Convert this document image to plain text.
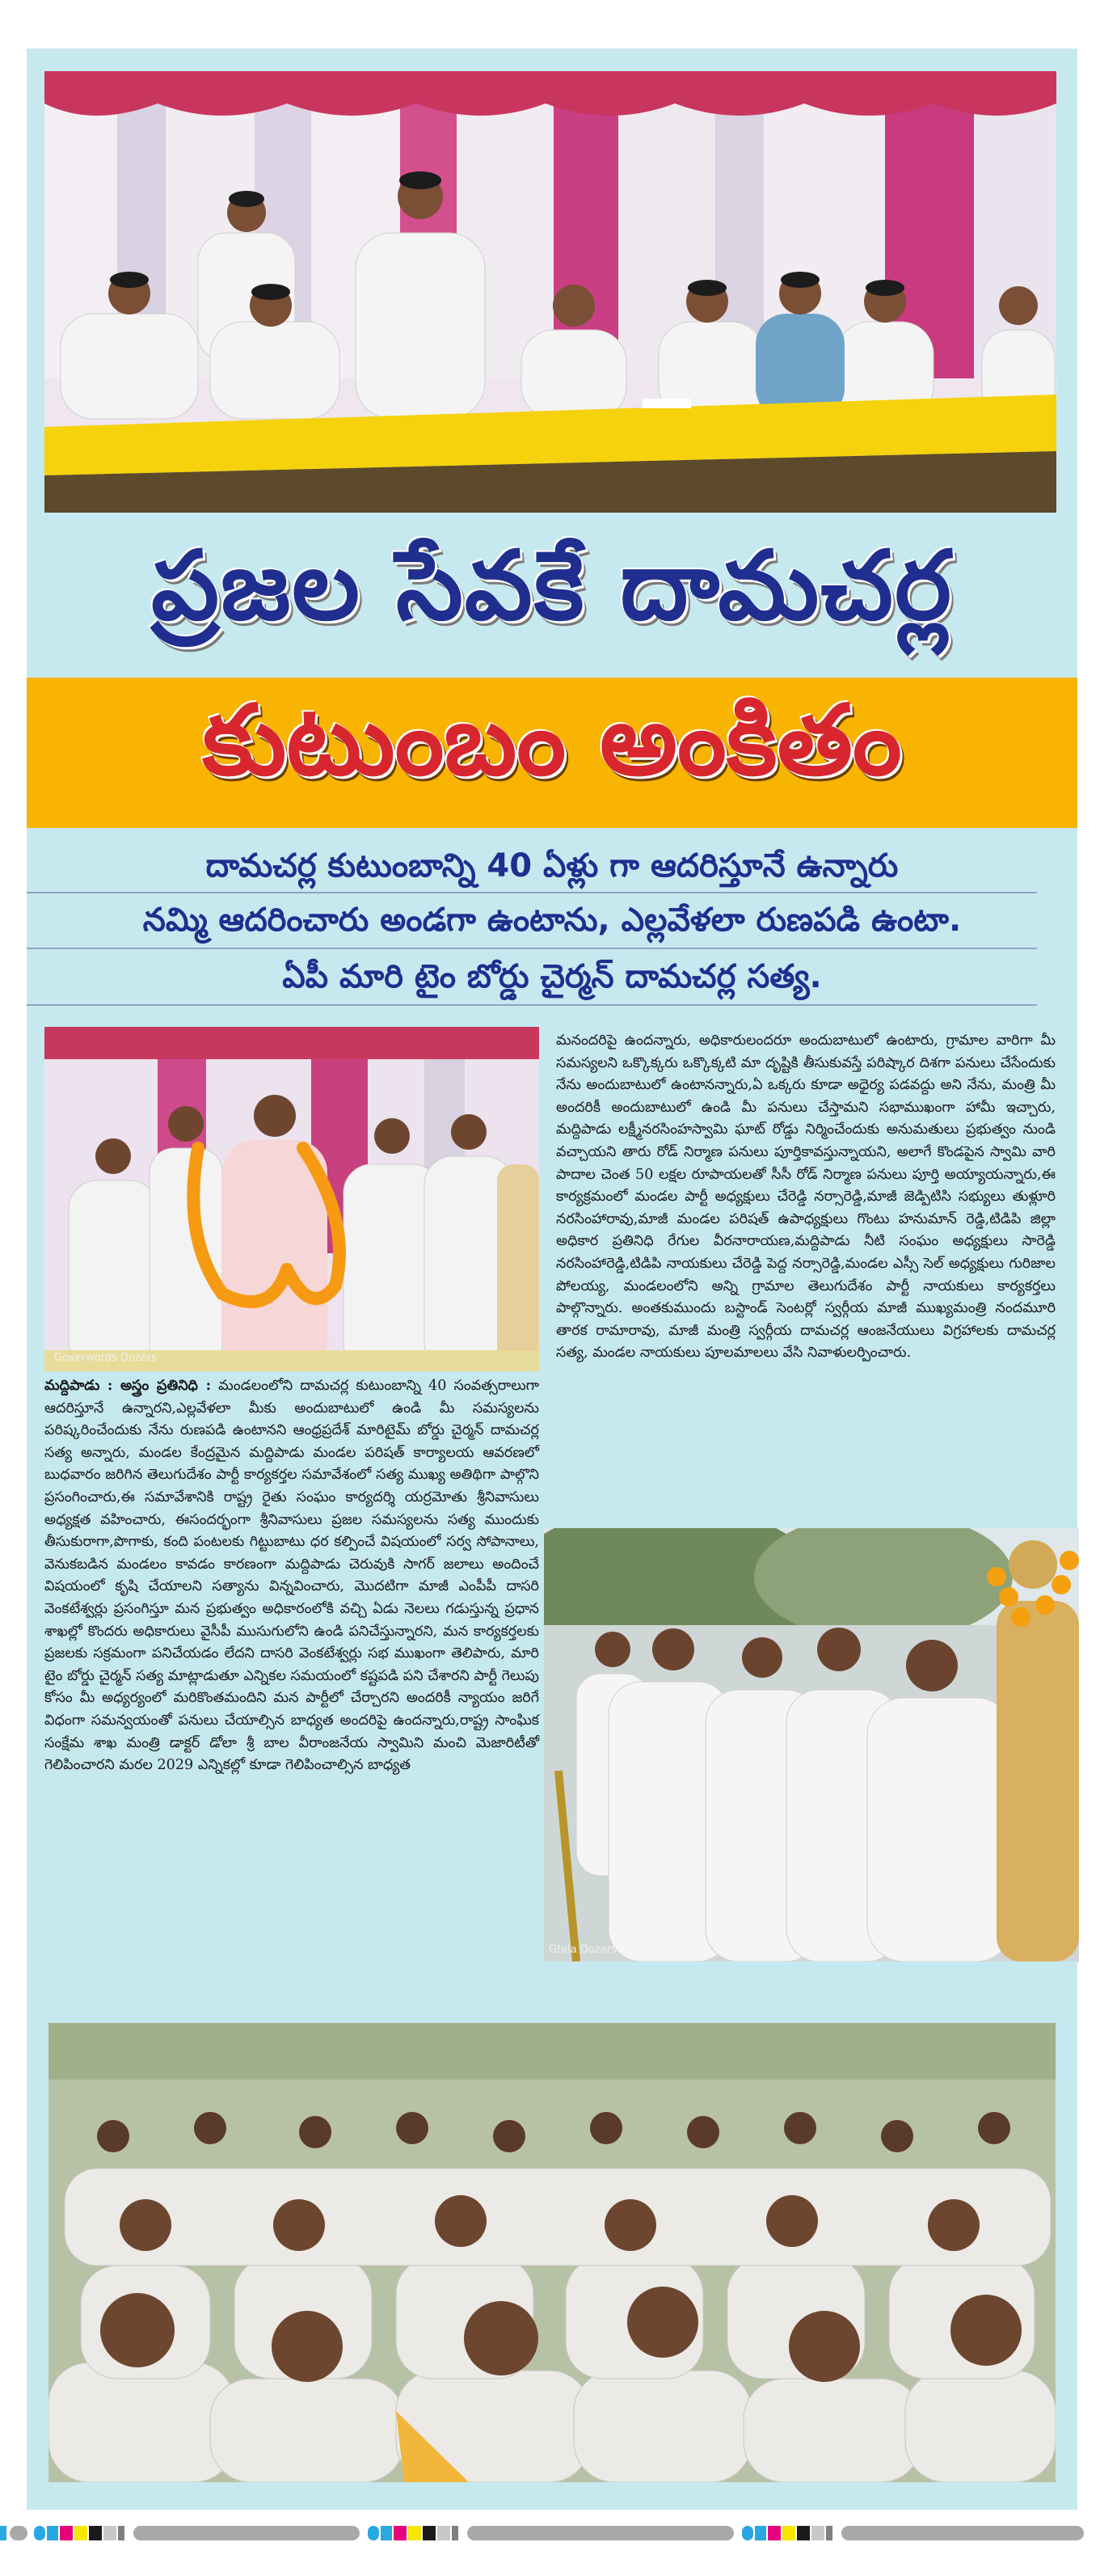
ప్రజల సేవకే దామచర్ల
కుటుంబం అంకితం
దామచర్ల కుటుంబాన్ని 40 ఏళ్లు గా ఆదరిస్తూనే ఉన్నారు
నమ్మి ఆదరించారు అండగా ఉంటాను, ఎల్లవేళలా రుణపడి ఉంటా.
ఏపీ మారి టైం బోర్డు చైర్మన్ దామచర్ల సత్య.
Goverwords Dozers
మనందరిపై ఉందన్నారు, అధికారులందరూ అందుబాటులో ఉంటారు, గ్రామాల వారిగా మీ సమస్యలని ఒక్కొక్కరు ఒక్కొక్కటి మా దృష్టికి తీసుకువస్తే పరిష్కార దిశగా పనులు చేసేందుకు నేను అందుబాటులో ఉంటానన్నారు,ఏ ఒక్కరు కూడా అధైర్య పడవద్దు అని నేను, మంత్రి మీ అందరికీ అందుబాటులో ఉండి మీ పనులు చేస్తామని సభాముఖంగా హామీ ఇచ్చారు, మద్దిపాడు లక్ష్మీనరసింహస్వామి ఘాట్ రోడ్డు నిర్మించేందుకు అనుమతులు ప్రభుత్వం నుండి వచ్చాయని తారు రోడ్ నిర్మాణ పనులు పూర్తికావస్తున్నాయని, అలాగే కొండపైన స్వామి వారి పాదాల చెంత 50 లక్షల రూపాయలతో సీసీ రోడ్ నిర్మాణ పనులు పూర్తి అయ్యాయన్నారు,ఈ కార్యక్రమంలో మండల పార్టీ అధ్యక్షులు చేరెడ్డి నర్సారెడ్డి,మాజీ జెడ్పిటిసి సభ్యులు తుళ్లూరి నరసింహారావు,మాజీ మండల పరిషత్ ఉపాధ్యక్షులు గొంటు హనుమాన్ రెడ్డి,టిడిపి జిల్లా అధికార ప్రతినిధి రేగుల వీరనారాయణ,మద్దిపాడు నీటి సంఘం అధ్యక్షులు సారెడ్డి నరసింహారెడ్డి,టిడిపి నాయకులు చేరెడ్డి పెద్ద నర్సారెడ్డి,మండల ఎస్సీ సెల్ అధ్యక్షులు గురిజాల పోలయ్య, మండలంలోని అన్ని గ్రామాల తెలుగుదేశం పార్టీ నాయకులు కార్యకర్తలు పాల్గొన్నారు. అంతకుముందు బస్టాండ్ సెంటర్లో స్వర్గీయ మాజీ ముఖ్యమంత్రి నందమూరి తారక రామారావు, మాజీ మంత్రి స్వర్గీయ దామచర్ల ఆంజనేయులు విగ్రహాలకు దామచర్ల సత్య, మండల నాయకులు పూలమాలలు వేసి నివాళులర్పించారు.
మద్దిపాడు : అస్త్రం ప్రతినిధి : మండలంలోని దామచర్ల కుటుంబాన్ని 40 సంవత్సరాలుగా ఆదరిస్తూనే ఉన్నారని,ఎల్లవేళలా మీకు అందుబాటులో ఉండి మీ సమస్యలను పరిష్కరించేందుకు నేను రుణపడి ఉంటానని ఆంధ్రప్రదేశ్ మారిటైమ్ బోర్డు చైర్మన్ దామచర్ల సత్య అన్నారు, మండల కేంద్రమైన మద్దిపాడు మండల పరిషత్ కార్యాలయ ఆవరణలో బుధవారం జరిగిన తెలుగుదేశం పార్టీ కార్యకర్తల సమావేశంలో సత్య ముఖ్య అతిథిగా పాల్గొని ప్రసంగించారు,ఈ సమావేశానికి రాష్ట్ర రైతు సంఘం కార్యదర్శి యర్రమోతు శ్రీనివాసులు అధ్యక్షత వహించారు, ఈసందర్భంగా శ్రీనివాసులు ప్రజల సమస్యలను సత్య ముందుకు తీసుకురాగా,పొగాకు, కంది పంటలకు గిట్టుబాటు ధర కల్పించే విషయంలో సర్వ సోపానాలు, వెనుకబడిన మండలం కావడం కారణంగా మద్దిపాడు చెరువుకి సాగర్ జలాలు అందించే విషయంలో కృషి చేయాలని సత్యాను విన్నవించారు, మొదటిగా మాజీ ఎంపీపీ దాసరి వెంకటేశ్వర్లు ప్రసంగిస్తూ మన ప్రభుత్వం అధికారంలోకి వచ్చి ఏడు నెలలు గడుస్తున్న ప్రధాన శాఖల్లో కొందరు అధికారులు వైసీపీ ముసుగులోని ఉండి పనిచేస్తున్నారని, మన కార్యకర్తలకు ప్రజలకు సక్రమంగా పనిచేయడం లేదని దాసరి వెంకటేశ్వర్లు సభ ముఖంగా తెలిపారు, మారి టైం బోర్డు చైర్మన్ సత్య మాట్లాడుతూ ఎన్నికల సమయంలో కష్టపడి పని చేశారని పార్టీ గెలుపు కోసం మీ అధ్యర్యంలో మరికొంతమందిని మన పార్టీలో చేర్చారని అందరికీ న్యాయం జరిగే విధంగా సమన్వయంతో పనులు చేయాల్సిన బాధ్యత అందరిపై ఉందన్నారు,రాష్ట్ర సాంఘిక సంక్షేమ శాఖ మంత్రి డాక్టర్ డోలా శ్రీ బాల వీరాంజనేయ స్వామిని మంచి మెజారిటీతో గెలిపించారని మరల 2029 ఎన్నికల్లో కూడా గెలిపించాల్సిన బాధ్యత
Gtela Dozers
